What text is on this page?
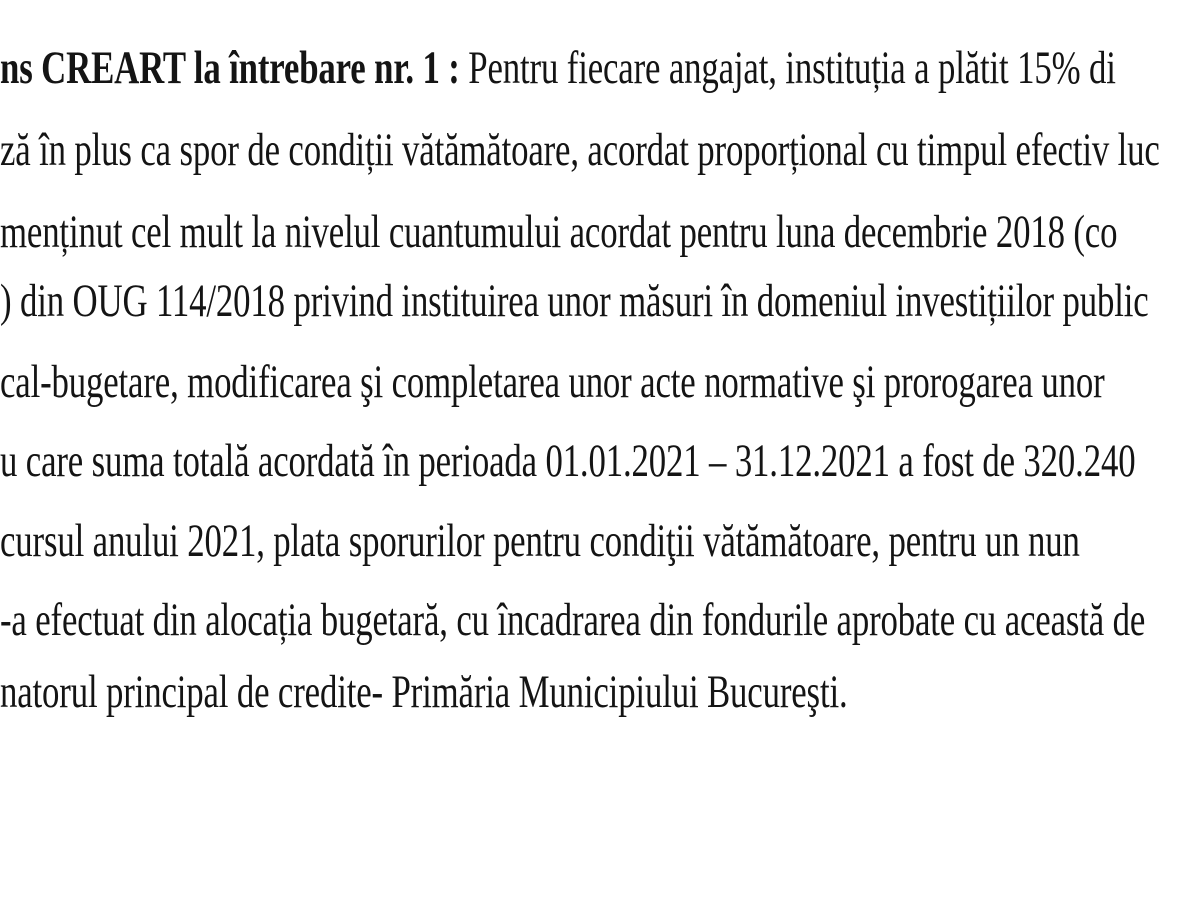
ns CREART la întrebare nr. 1 : Pentru fiecare angajat, instituția a plătit 15% di
ză în plus ca spor de condiții vătămătoare, acordat proporțional cu timpul efectiv luc
menținut cel mult la nivelul cuantumului acordat pentru luna decembrie 2018 (co
) din OUG 114/2018 privind instituirea unor măsuri în domeniul investițiilor public
cal-bugetare, modificarea şi completarea unor acte normative şi prorogarea unor
u care suma totală acordată în perioada 01.01.2021 – 31.12.2021 a fost de 320.240
cursul anului 2021, plata sporurilor pentru condiţii vătămătoare, pentru un nun
-a efectuat din alocația bugetară, cu încadrarea din fondurile aprobate cu această de
natorul principal de credite- Primăria Municipiului Bucureşti.
